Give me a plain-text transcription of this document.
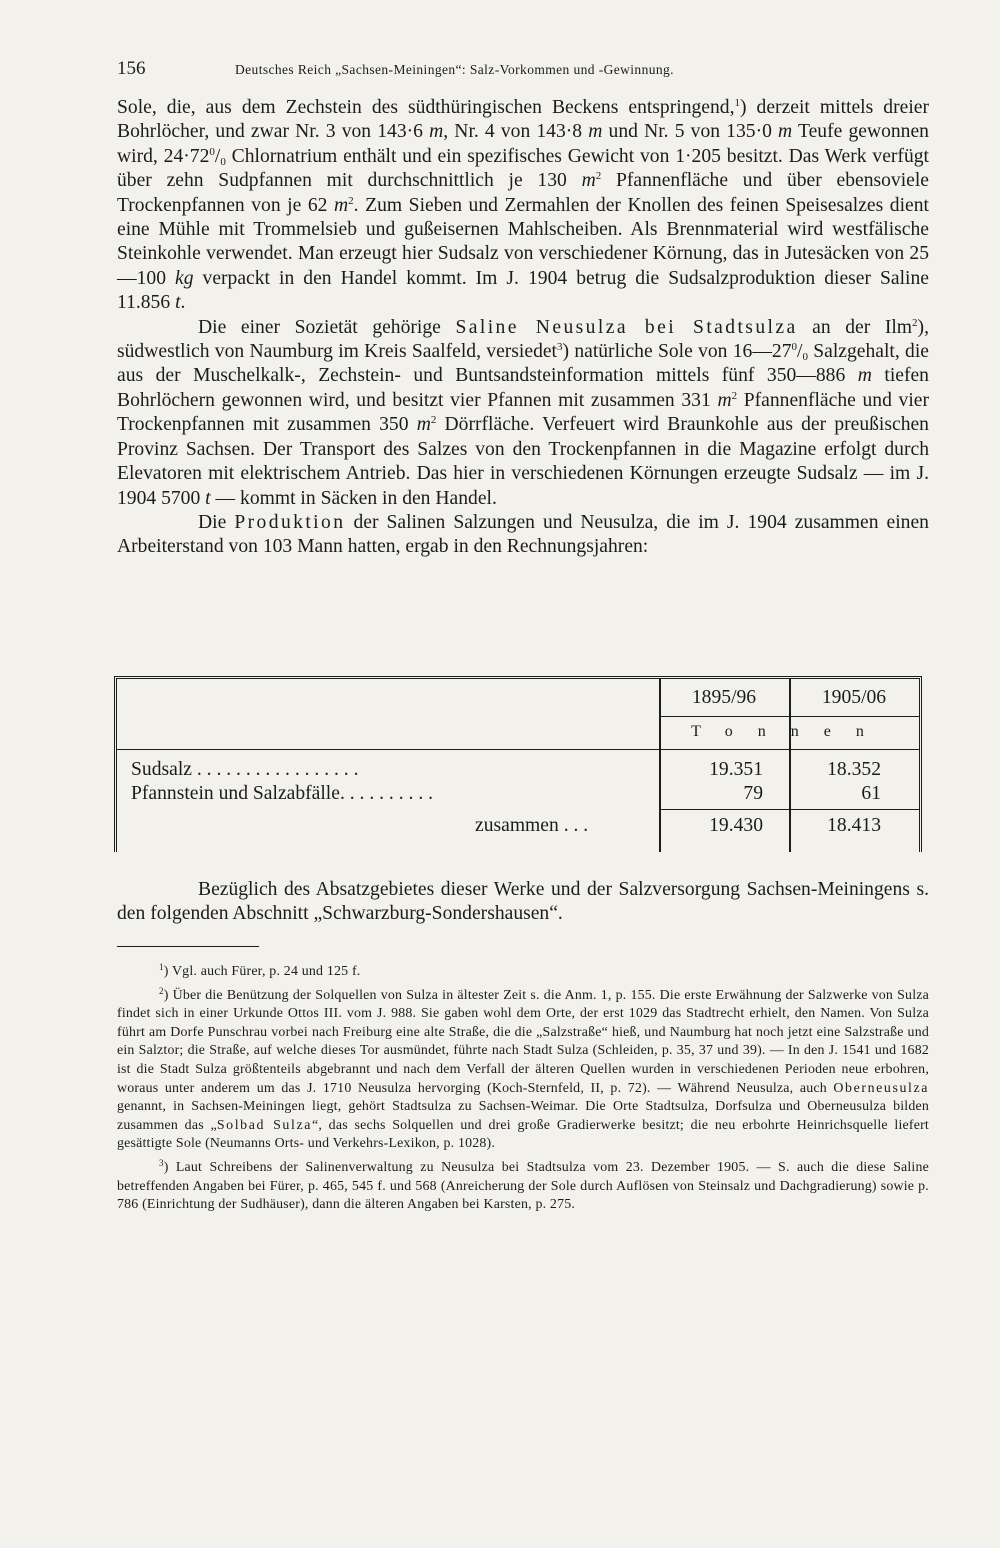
156	Deutsches Reich „Sachsen-Meiningen“: Salz-Vorkommen und -Gewinnung.

Sole, die, aus dem Zechstein des südthüringischen Beckens entspringend,$^1$) derzeit mittels dreier Bohrlöcher, und zwar Nr. 3 von 143·6 m, Nr. 4 von 143·8 m und Nr. 5 von 135·0 m Teufe gewonnen wird, $24\cdot 72^0/_0$ Chlornatrium enthält und ein spezifisches Gewicht von 1·205 besitzt. Das Werk verfügt über zehn Sudpfannen mit durchschnittlich je 130 $m^2$ Pfannenfläche und über ebensoviele Trockenpfannen von je 62 $m^2$. Zum Sieben und Zermahlen der Knollen des feinen Speisesalzes dient eine Mühle mit Trommelsieb und gußeisernen Mahlscheiben. Als Brennmaterial wird westfälische Steinkohle verwendet. Man erzeugt hier Sudsalz von verschiedener Körnung, das in Jutesäcken von 25—100 kg verpackt in den Handel kommt. Im J. 1904 betrug die Sudsalzproduktion dieser Saline 11.856 t.

Die einer Sozietät gehörige Saline Neusulza bei Stadtsulza an der Ilm$^2$), südwestlich von Naumburg im Kreis Saalfeld, versiedet$^3$) natürliche Sole von $16—27^0/_0$ Salzgehalt, die aus der Muschelkalk-, Zechstein- und Buntsandsteinformation mittels fünf 350—886 m tiefen Bohrlöchern gewonnen wird, und besitzt vier Pfannen mit zusammen 331 $m^2$ Pfannenfläche und vier Trockenpfannen mit zusammen 350 $m^2$ Dörrfläche. Verfeuert wird Braunkohle aus der preußischen Provinz Sachsen. Der Transport des Salzes von den Trockenpfannen in die Magazine erfolgt durch Elevatoren mit elektrischem Antrieb. Das hier in verschiedenen Körnungen erzeugte Sudsalz — im J. 1904 5700 t — kommt in Säcken in den Handel.

Die Produktion der Salinen Salzungen und Neusulza, die im J. 1904 zusammen einen Arbeiterstand von 103 Mann hatten, ergab in den Rechnungsjahren:

1895/96	1905/06
Tonnen
Sudsalz . . . . . . . . . . . . . . . . .	19.351	18.352
Pfannstein und Salzabfälle. . . . . . . . . .	79	61
zusammen . . .	19.430	18.413

Bezüglich des Absatzgebietes dieser Werke und der Salzversorgung Sachsen-Meiningens s. den folgenden Abschnitt „Schwarzburg-Sondershausen“.

$^1$) Vgl. auch Fürer, p. 24 und 125 f.

$^2$) Über die Benützung der Solquellen von Sulza in ältester Zeit s. die Anm. 1, p. 155. Die erste Erwähnung der Salzwerke von Sulza findet sich in einer Urkunde Ottos III. vom J. 988. Sie gaben wohl dem Orte, der erst 1029 das Stadtrecht erhielt, den Namen. Von Sulza führt am Dorfe Punschrau vorbei nach Freiburg eine alte Straße, die die „Salzstraße“ hieß, und Naumburg hat noch jetzt eine Salzstraße und ein Salztor; die Straße, auf welche dieses Tor ausmündet, führte nach Stadt Sulza (Schleiden, p. 35, 37 und 39). — In den J. 1541 und 1682 ist die Stadt Sulza größtenteils abgebrannt und nach dem Verfall der älteren Quellen wurden in verschiedenen Perioden neue erbohren, woraus unter anderem um das J. 1710 Neusulza hervorging (Koch-Sternfeld, II, p. 72). — Während Neusulza, auch Oberneusulza genannt, in Sachsen-Meiningen liegt, gehört Stadtsulza zu Sachsen-Weimar. Die Orte Stadtsulza, Dorfsulza und Oberneusulza bilden zusammen das „Solbad Sulza“, das sechs Solquellen und drei große Gradierwerke besitzt; die neu erbohrte Heinrichsquelle liefert gesättigte Sole (Neumanns Orts- und Verkehrs-Lexikon, p. 1028).

$^3$) Laut Schreibens der Salinenverwaltung zu Neusulza bei Stadtsulza vom 23. Dezember 1905. — S. auch die diese Saline betreffenden Angaben bei Fürer, p. 465, 545 f. und 568 (Anreicherung der Sole durch Auflösen von Steinsalz und Dachgradierung) sowie p. 786 (Einrichtung der Sudhäuser), dann die älteren Angaben bei Karsten, p. 275.
